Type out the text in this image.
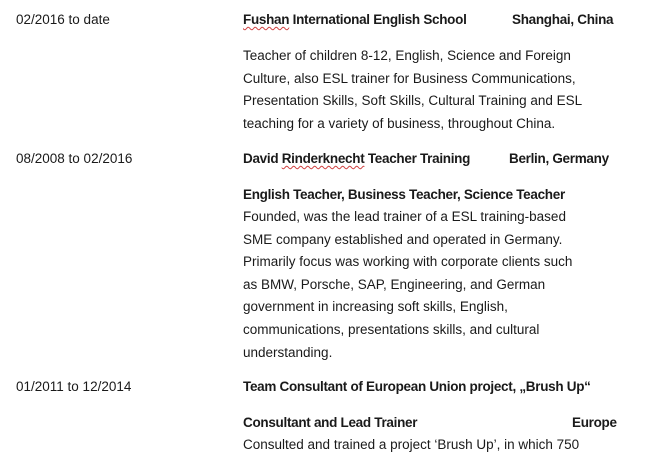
02/2016 to date	Fushan International English School	Shanghai, China
Teacher of children 8-12, English, Science and Foreign
Culture, also ESL trainer for Business Communications,
Presentation Skills, Soft Skills, Cultural Training and ESL
teaching for a variety of business, throughout China.
08/2008 to 02/2016	David Rinderknecht Teacher Training	Berlin, Germany
English Teacher, Business Teacher, Science Teacher
Founded, was the lead trainer of a ESL training-based
SME company established and operated in Germany.
Primarily focus was working with corporate clients such
as BMW, Porsche, SAP, Engineering, and German
government in increasing soft skills, English,
communications, presentations skills, and cultural
understanding.
01/2011 to 12/2014	Team Consultant of European Union project, „Brush Up“
Consultant and Lead Trainer	Europe
Consulted and trained a project ‘Brush Up’, in which 750
